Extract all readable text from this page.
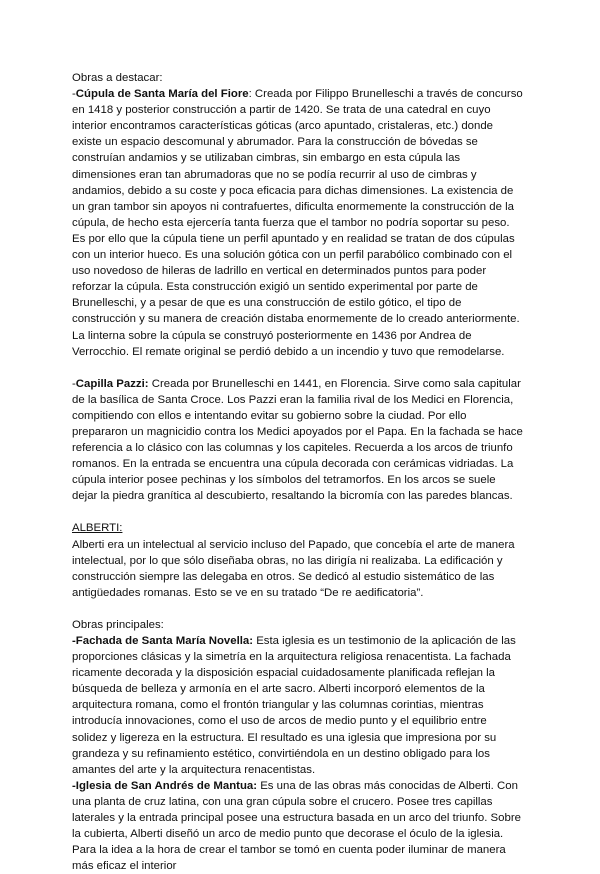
Obras a destacar:

-Cúpula de Santa María del Fiore: Creada por Filippo Brunelleschi a través de concurso en 1418 y posterior construcción a partir de 1420. Se trata de una catedral en cuyo interior encontramos características góticas (arco apuntado, cristaleras, etc.) donde existe un espacio descomunal y abrumador. Para la construcción de bóvedas se construían andamios y se utilizaban cimbras, sin embargo en esta cúpula las dimensiones eran tan abrumadoras que no se podía recurrir al uso de cimbras y andamios, debido a su coste y poca eficacia para dichas dimensiones. La existencia de un gran tambor sin apoyos ni contrafuertes, dificulta enormemente la construcción de la cúpula, de hecho esta ejercería tanta fuerza que el tambor no podría soportar su peso. Es por ello que la cúpula tiene un perfil apuntado y en realidad se tratan de dos cúpulas con un interior hueco. Es una solución gótica con un perfil parabólico combinado con el uso novedoso de hileras de ladrillo en vertical en determinados puntos para poder reforzar la cúpula. Esta construcción exigió un sentido experimental por parte de Brunelleschi, y a pesar de que es una construcción de estilo gótico, el tipo de construcción y su manera de creación distaba enormemente de lo creado anteriormente. La linterna sobre la cúpula se construyó posteriormente en 1436 por Andrea de Verrocchio. El remate original se perdió debido a un incendio y tuvo que remodelarse.

-Capilla Pazzi: Creada por Brunelleschi en 1441, en Florencia. Sirve como sala capitular de la basílica de Santa Croce. Los Pazzi eran la familia rival de los Medici en Florencia, compitiendo con ellos e intentando evitar su gobierno sobre la ciudad. Por ello prepararon un magnicidio contra los Medici apoyados por el Papa. En la fachada se hace referencia a lo clásico con las columnas y los capiteles. Recuerda a los arcos de triunfo romanos. En la entrada se encuentra una cúpula decorada con cerámicas vidriadas. La cúpula interior posee pechinas y los símbolos del tetramorfos. En los arcos se suele dejar la piedra granítica al descubierto, resaltando la bicromía con las paredes blancas.

ALBERTI:

Alberti era un intelectual al servicio incluso del Papado, que concebía el arte de manera intelectual, por lo que sólo diseñaba obras, no las dirigía ni realizaba. La edificación y construcción siempre las delegaba en otros. Se dedicó al estudio sistemático de las antigüedades romanas. Esto se ve en su tratado “De re aedificatoria”.

Obras principales:

-Fachada de Santa María Novella: Esta iglesia es un testimonio de la aplicación de las proporciones clásicas y la simetría en la arquitectura religiosa renacentista. La fachada ricamente decorada y la disposición espacial cuidadosamente planificada reflejan la búsqueda de belleza y armonía en el arte sacro. Alberti incorporó elementos de la arquitectura romana, como el frontón triangular y las columnas corintias, mientras introducía innovaciones, como el uso de arcos de medio punto y el equilibrio entre solidez y ligereza en la estructura. El resultado es una iglesia que impresiona por su grandeza y su refinamiento estético, convirtiéndola en un destino obligado para los amantes del arte y la arquitectura renacentistas.

-Iglesia de San Andrés de Mantua: Es una de las obras más conocidas de Alberti. Con una planta de cruz latina, con una gran cúpula sobre el crucero. Posee tres capillas laterales y la entrada principal posee una estructura basada en un arco del triunfo. Sobre la cubierta, Alberti diseñó un arco de medio punto que decorase el óculo de la iglesia. Para la idea a la hora de crear el tambor se tomó en cuenta poder iluminar de manera más eficaz el interior
